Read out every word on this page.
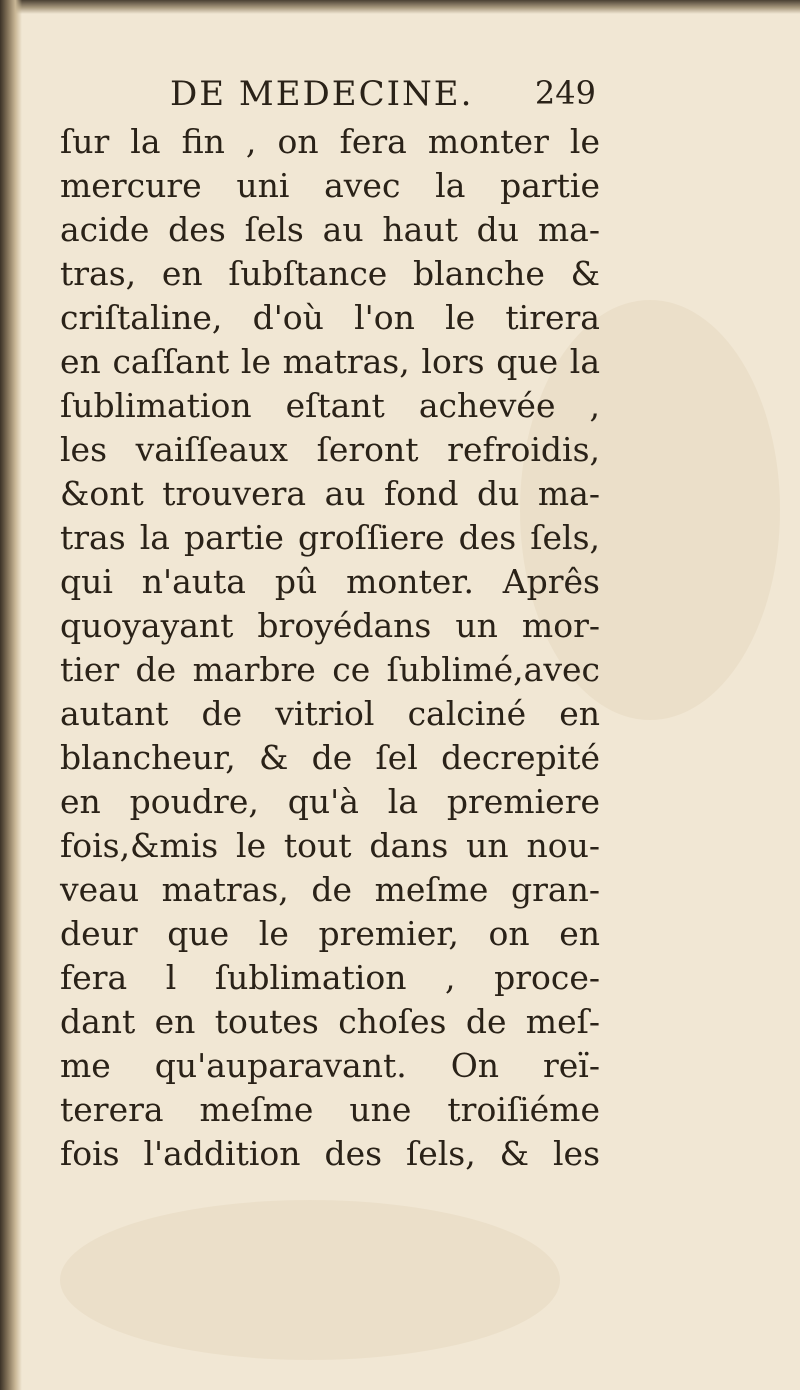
DE MEDECINE. 249
ſur la fin , on fera monter le
mercure uni avec la partie
acide des ſels au haut du ma-
tras, en ſubſtance blanche &
criſtaline, d'où l'on le tirera
en caſſant le matras, lors que la
ſublimation eſtant achevée ,
les vaiſſeaux ſeront refroidis,
&ont trouvera au fond du ma-
tras la partie groſſiere des ſels,
qui n'auta pû monter. Aprês
quoyayant broyédans un mor-
tier de marbre ce ſublimé,avec
autant de vitriol calciné en
blancheur, & de ſel decrepité
en poudre, qu'à la premiere
fois,&mis le tout dans un nou-
veau matras, de meſme gran-
deur que le premier, on en
fera l ſublimation , proce-
dant en toutes choſes de meſ-
me qu'auparavant. On reï-
terera meſme une troiſiéme
fois l'addition des ſels, & les
